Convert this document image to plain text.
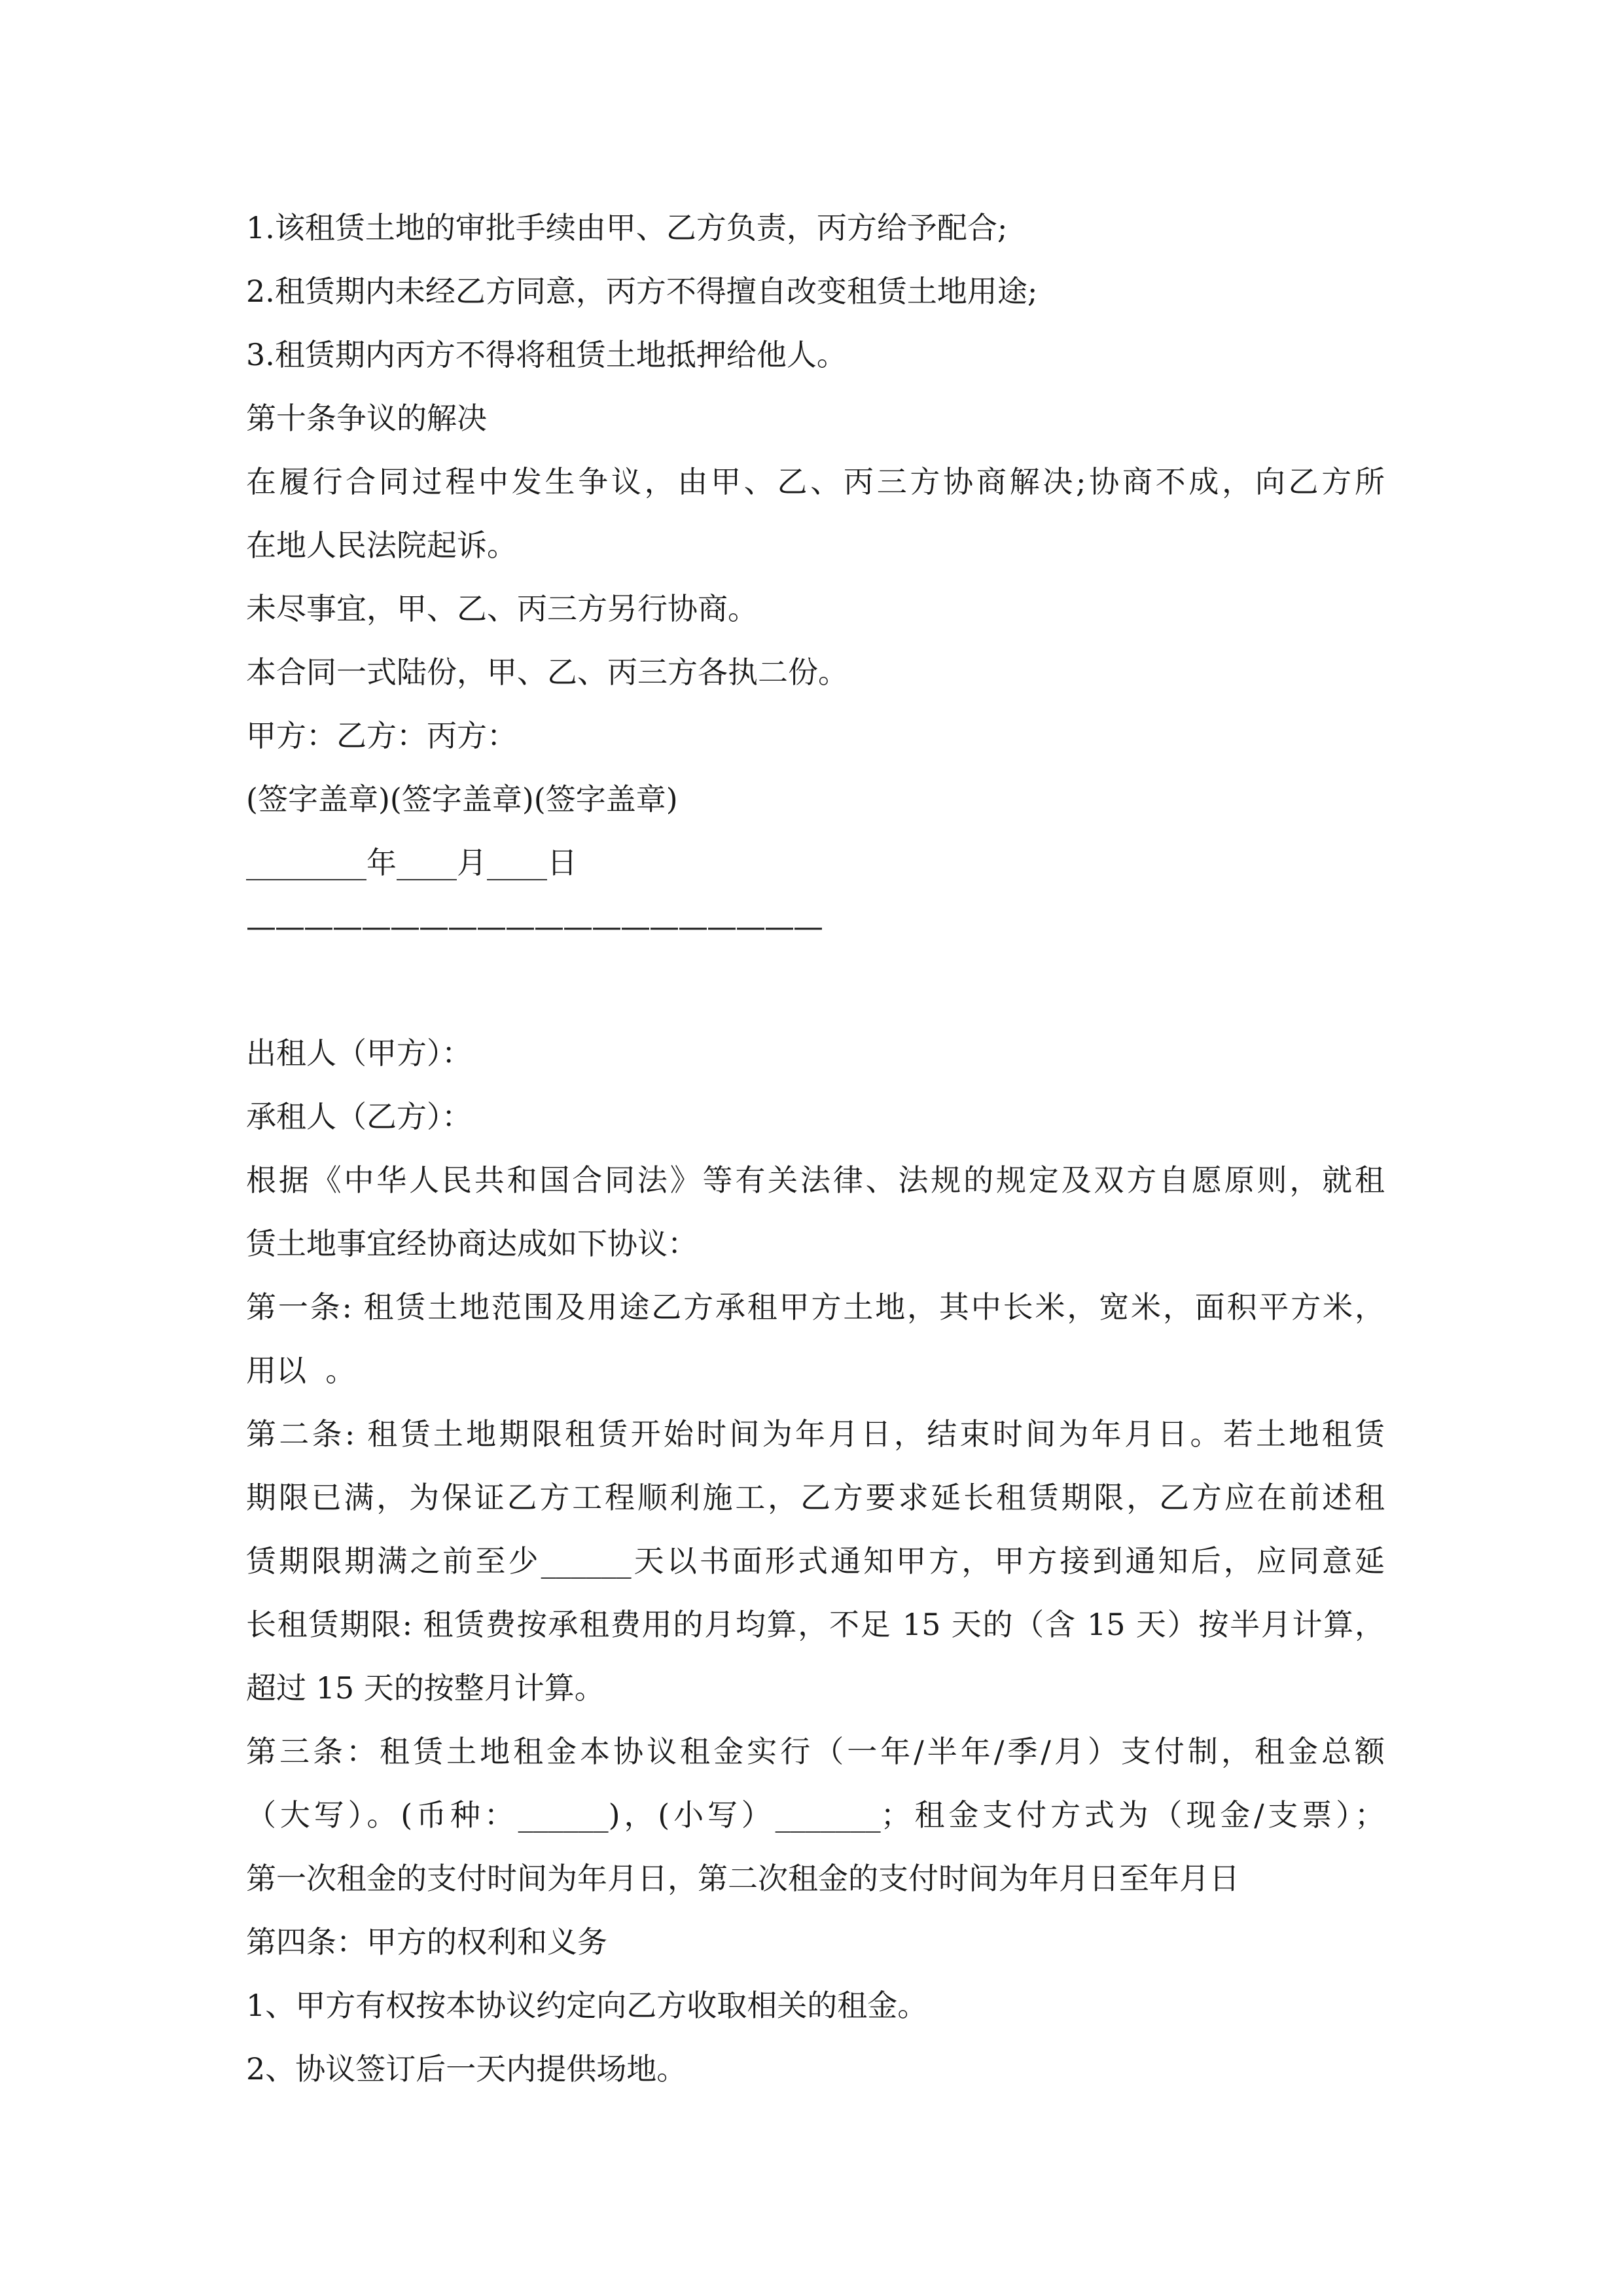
1.该租赁土地的审批手续由甲、乙方负责，丙方给予配合;
2.租赁期内未经乙方同意，丙方不得擅自改变租赁土地用途;
3.租赁期内丙方不得将租赁土地抵押给他人。
第十条争议的解决
在履行合同过程中发生争议，由甲、乙、丙三方协商解决;协商不成，向乙方所
在地人民法院起诉。
未尽事宜，甲、乙、丙三方另行协商。
本合同一式陆份，甲、乙、丙三方各执二份。
甲方：乙方：丙方：
(签字盖章)(签字盖章)(签字盖章)
________年____月____日
————————————————————
出租人（甲方）：
承租人（乙方）：
根据《中华人民共和国合同法》等有关法律、法规的规定及双方自愿原则，就租
赁土地事宜经协商达成如下协议：
第一条: 租赁土地范围及用途乙方承租甲方土地，其中长米，宽米，面积平方米，
用以  。
第二条: 租赁土地期限租赁开始时间为年月日，结束时间为年月日。若土地租赁
期限已满，为保证乙方工程顺利施工，乙方要求延长租赁期限，乙方应在前述租
赁期限期满之前至少______天以书面形式通知甲方，甲方接到通知后，应同意延
长租赁期限: 租赁费按承租费用的月均算，不足 15 天的（含 15 天）按半月计算，
超过 15 天的按整月计算。
第三条：租赁土地租金本协议租金实行（一年/半年/季/月）支付制，租金总额
（大写）。(币种：______)，(小写）_______；租金支付方式为（现金/支票）；
第一次租金的支付时间为年月日，第二次租金的支付时间为年月日至年月日
第四条：甲方的权利和义务
1、甲方有权按本协议约定向乙方收取相关的租金。
2、协议签订后一天内提供场地。
